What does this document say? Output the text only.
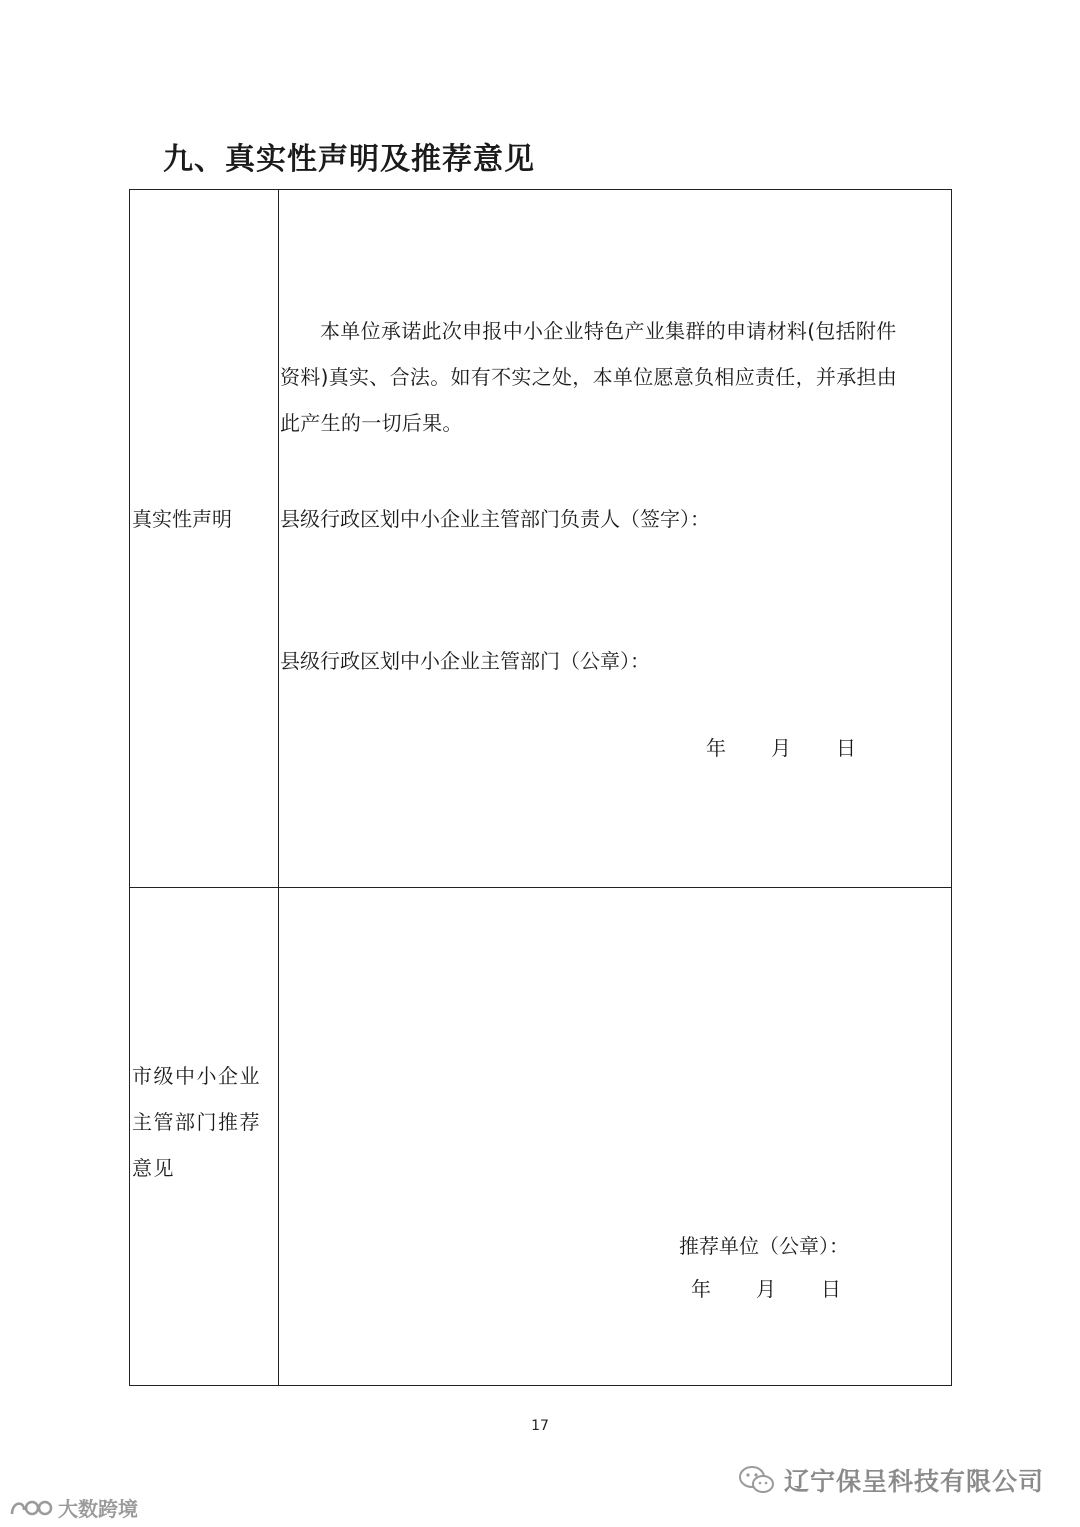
九、真实性声明及推荐意见
真实性声明
本单位承诺此次申报中小企业特色产业集群的申请材料(包括附件
资料)真实、合法。如有不实之处，本单位愿意负相应责任，并承担由
此产生的一切后果。
县级行政区划中小企业主管部门负责人（签字）：
县级行政区划中小企业主管部门（公章）：
年 月 日
市级中小企业
主管部门推荐
意见
推荐单位（公章）：
年 月 日
17
辽宁保呈科技有限公司
大数跨境
